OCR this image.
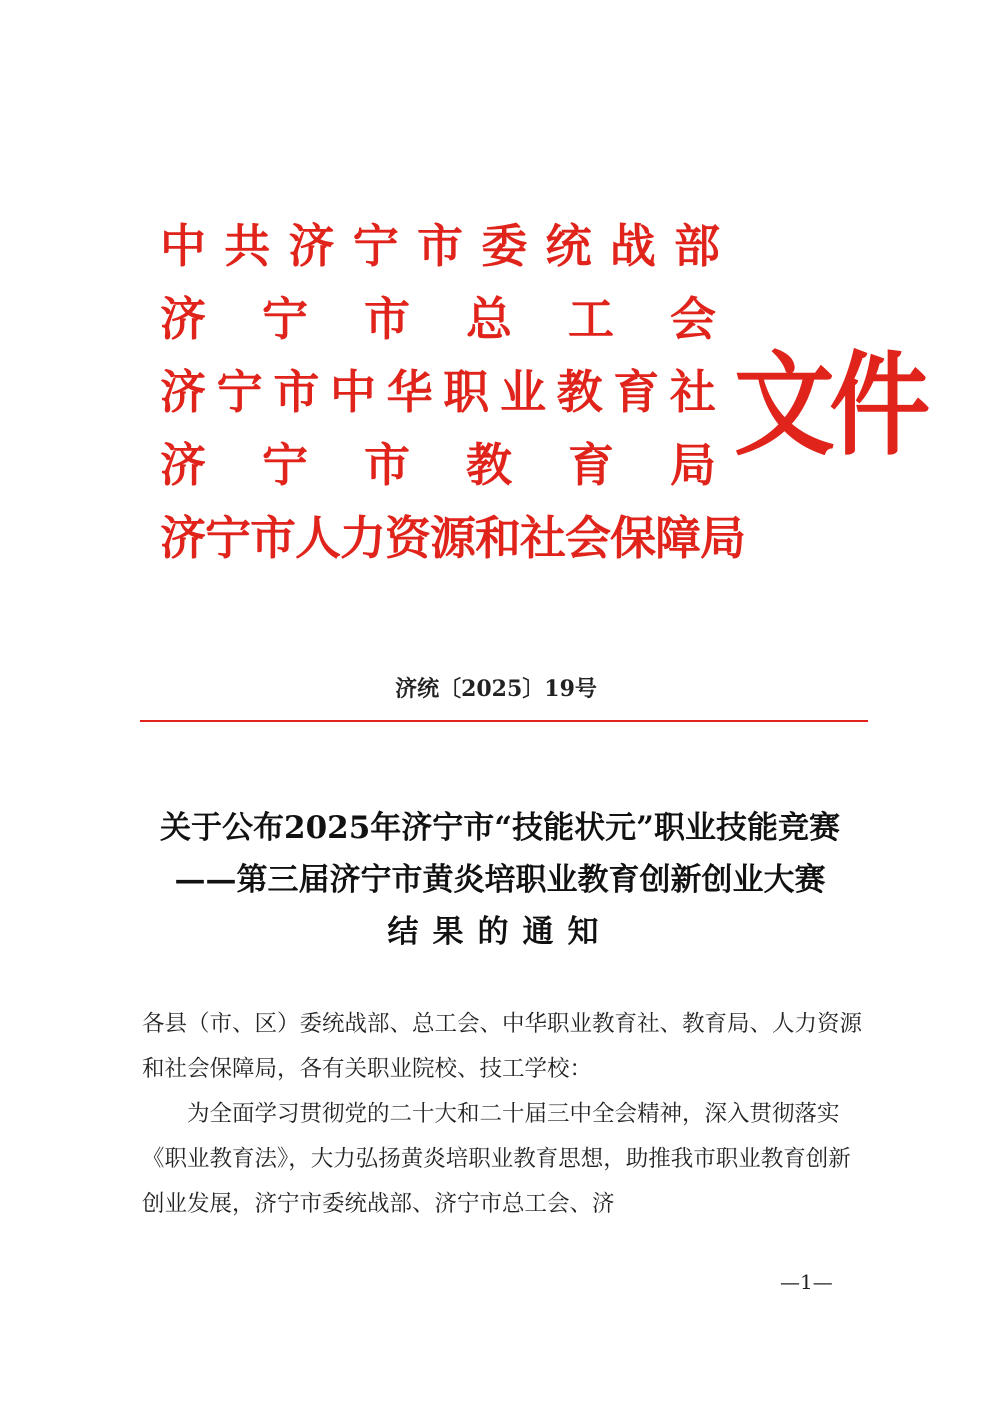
中 共 济 宁 市 委 统 战 部
济 宁 市 总 工 会
济 宁 市 中 华 职 业 教 育 社
济 宁 市 教 育 局
济宁市人力资源和社会保障局
文件
济统〔2025〕19号
关于公布2025年济宁市“技能状元”职业技能竞赛
——第三届济宁市黄炎培职业教育创新创业大赛
结果的通知

各县（市、区）委统战部、总工会、中华职业教育社、教育局、人力资源和社会保障局，各有关职业院校、技工学校：

为全面学习贯彻党的二十大和二十届三中全会精神，深入贯彻落实《职业教育法》，大力弘扬黄炎培职业教育思想，助推我市职业教育创新创业发展，济宁市委统战部、济宁市总工会、济

—1—
